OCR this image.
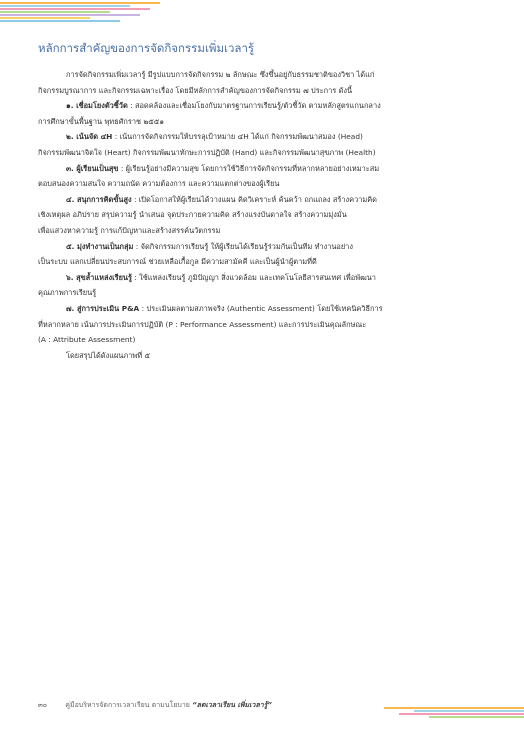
หลักการสำคัญของการจัดกิจกรรมเพิ่มเวลารู้

การจัดกิจกรรมเพิ่มเวลารู้ มีรูปแบบการจัดกิจกรรม ๒ ลักษณะ ซึ่งขึ้นอยู่กับธรรมชาติของวิชา ได้แก่

กิจกรรมบูรณาการ และกิจกรรมเฉพาะเรื่อง โดยมีหลักการสำคัญของการจัดกิจกรรม ๗ ประการ ดังนี้

๑. เชื่อมโยงตัวชี้วัด : สอดคล้องและเชื่อมโยงกับมาตรฐานการเรียนรู้/ตัวชี้วัด ตามหลักสูตรแกนกลาง

การศึกษาขั้นพื้นฐาน พุทธศักราช ๒๕๕๑

๒. เน้นจัด ๔H : เน้นการจัดกิจกรรมให้บรรลุเป้าหมาย ๔H ได้แก่ กิจกรรมพัฒนาสมอง (Head)

กิจกรรมพัฒนาจิตใจ (Heart) กิจกรรมพัฒนาทักษะการปฏิบัติ (Hand) และกิจกรรมพัฒนาสุขภาพ (Health)

๓. ผู้เรียนเป็นสุข : ผู้เรียนรู้อย่างมีความสุข โดยการใช้วิธีการจัดกิจกรรมที่หลากหลายอย่างเหมาะสม

ตอบสนองความสนใจ ความถนัด ความต้องการ และความแตกต่างของผู้เรียน

๔. สนุกการคิดขั้นสูง : เปิดโอกาสให้ผู้เรียนได้วางแผน คิดวิเคราะห์ ค้นคว้า ถกแถลง สร้างความคิด

เชิงเหตุผล อภิปราย สรุปความรู้ นำเสนอ จุดประกายความคิด สร้างแรงบันดาลใจ สร้างความมุ่งมั่น

เพื่อแสวงหาความรู้ การแก้ปัญหาและสร้างสรรค์นวัตกรรม

๕. มุ่งทำงานเป็นกลุ่ม : จัดกิจกรรมการเรียนรู้ ให้ผู้เรียนได้เรียนรู้ร่วมกันเป็นทีม ทำงานอย่าง

เป็นระบบ แลกเปลี่ยนประสบการณ์ ช่วยเหลือเกื้อกูล มีความสามัคคี และเป็นผู้นำผู้ตามที่ดี

๖. สุขล้ำแหล่งเรียนรู้ : ใช้แหล่งเรียนรู้ ภูมิปัญญา สิ่งแวดล้อม และเทคโนโลยีสารสนเทศ เพื่อพัฒนา

คุณภาพการเรียนรู้

๗. สู่การประเมิน P&A : ประเมินผลตามสภาพจริง (Authentic Assessment) โดยใช้เทคนิควิธีการ

ที่หลากหลาย เน้นการประเมินการปฏิบัติ (P : Performance Assessment) และการประเมินคุณลักษณะ

(A : Attribute Assessment)

โดยสรุปได้ดังแผนภาพที่ ๕

๓๐	คู่มือบริหารจัดการเวลาเรียน ตามนโยบาย “ลดเวลาเรียน เพิ่มเวลารู้”
